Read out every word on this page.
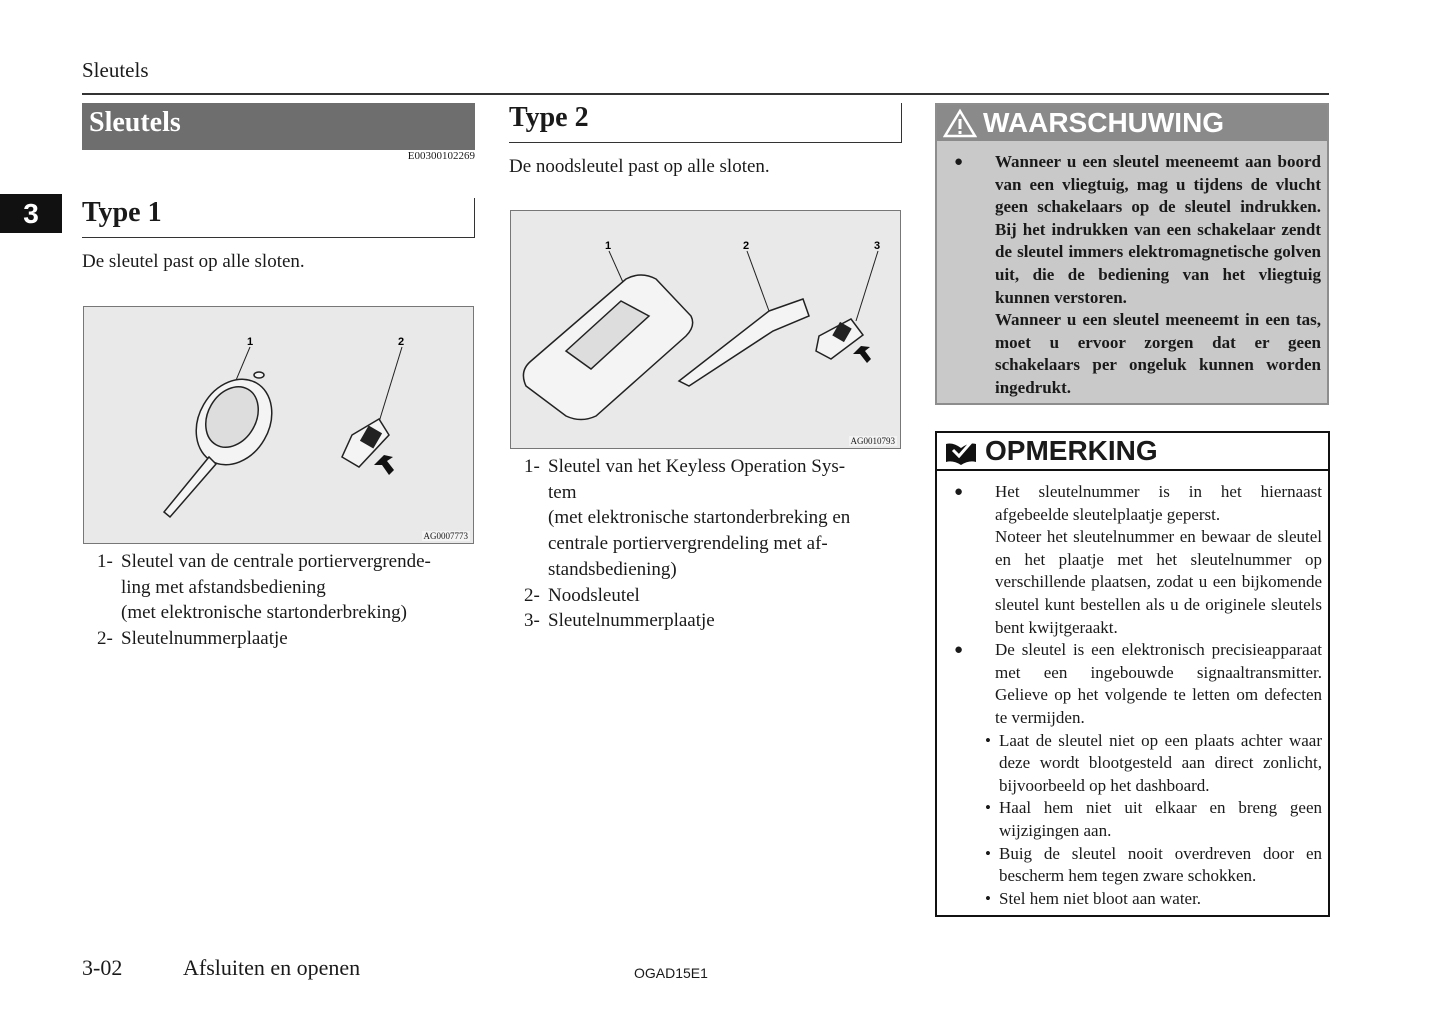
Sleutels
Sleutels
E00300102269
3	Type 1
De sleutel past op alle sloten.
1	2
AG0007773
1- Sleutel van de centrale portiervergrende-
ling met afstandsbediening
(met elektronische startonderbreking)
2- Sleutelnummerplaatje
Type 2
De noodsleutel past op alle sloten.
1	2	3
AG0010793
1- Sleutel van het Keyless Operation Sys-
tem
(met elektronische startonderbreking en
centrale portiervergrendeling met af-
standsbediening)
2- Noodsleutel
3- Sleutelnummerplaatje
WAARSCHUWING
●	Wanneer u een sleutel meeneemt aan boord van een vliegtuig, mag u tijdens de vlucht geen schakelaars op de sleutel indrukken. Bij het indrukken van een schakelaar zendt de sleutel immers elektromagnetische golven uit, die de bediening van het vliegtuig kunnen verstoren.
Wanneer u een sleutel meeneemt in een tas, moet u ervoor zorgen dat er geen schakelaars per ongeluk kunnen worden ingedrukt.
OPMERKING
●	Het sleutelnummer is in het hiernaast afgebeelde sleutelplaatje geperst.
Noteer het sleutelnummer en bewaar de sleutel en het plaatje met het sleutelnummer op verschillende plaatsen, zodat u een bijkomende sleutel kunt bestellen als u de originele sleutels bent kwijtgeraakt.
●	De sleutel is een elektronisch precisieapparaat met een ingebouwde signaaltransmitter. Gelieve op het volgende te letten om defecten te vermijden.
• Laat de sleutel niet op een plaats achter waar deze wordt blootgesteld aan direct zonlicht, bijvoorbeeld op het dashboard.
• Haal hem niet uit elkaar en breng geen wijzigingen aan.
• Buig de sleutel nooit overdreven door en bescherm hem tegen zware schokken.
• Stel hem niet bloot aan water.
3-02	Afsluiten en openen	OGAD15E1
